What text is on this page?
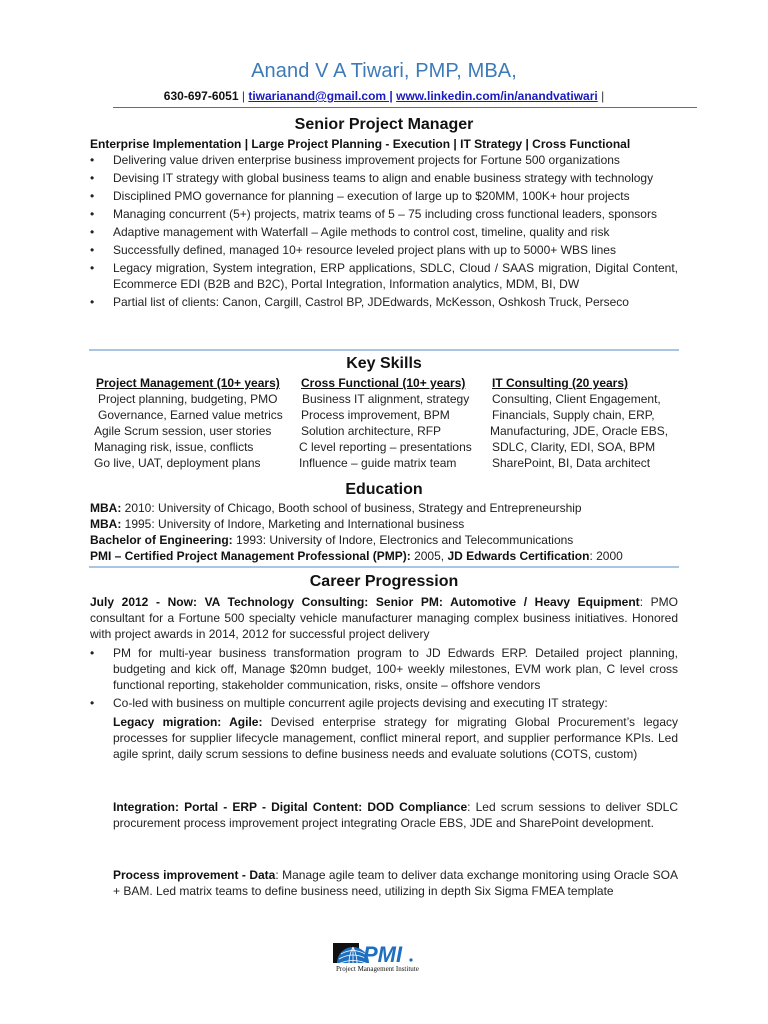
Anand V A Tiwari, PMP, MBA,
630-697-6051 | tiwarianand@gmail.com | www.linkedin.com/in/anandvatiwari |
Senior Project Manager
Enterprise Implementation | Large Project Planning - Execution | IT Strategy | Cross Functional
• Delivering value driven enterprise business improvement projects for Fortune 500 organizations
• Devising IT strategy with global business teams to align and enable business strategy with technology
• Disciplined PMO governance for planning – execution of large up to $20MM, 100K+ hour projects
• Managing concurrent (5+) projects, matrix teams of 5 – 75 including cross functional leaders, sponsors
• Adaptive management with Waterfall – Agile methods to control cost, timeline, quality and risk
• Successfully defined, managed 10+ resource leveled project plans with up to 5000+ WBS lines
• Legacy migration, System integration, ERP applications, SDLC, Cloud / SAAS migration, Digital Content, Ecommerce EDI (B2B and B2C), Portal Integration, Information analytics, MDM, BI, DW
• Partial list of clients: Canon, Cargill, Castrol BP, JDEdwards, McKesson, Oshkosh Truck, Perseco
Key Skills
Project Management (10+ years)
Project planning, budgeting, PMO
Governance, Earned value metrics
Agile Scrum session, user stories
Managing risk, issue, conflicts
Go live, UAT, deployment plans
Cross Functional (10+ years)
Business IT alignment, strategy
Process improvement, BPM
Solution architecture, RFP
C level reporting – presentations
Influence – guide matrix team
IT Consulting (20 years)
Consulting, Client Engagement,
Financials, Supply chain, ERP,
Manufacturing, JDE, Oracle EBS,
SDLC, Clarity, EDI, SOA, BPM
SharePoint, BI, Data architect
Education
MBA: 2010: University of Chicago, Booth school of business, Strategy and Entrepreneurship
MBA: 1995: University of Indore, Marketing and International business
Bachelor of Engineering: 1993: University of Indore, Electronics and Telecommunications
PMI – Certified Project Management Professional (PMP): 2005, JD Edwards Certification: 2000
Career Progression
July 2012 - Now: VA Technology Consulting: Senior PM: Automotive / Heavy Equipment: PMO consultant for a Fortune 500 specialty vehicle manufacturer managing complex business initiatives. Honored with project awards in 2014, 2012 for successful project delivery
• PM for multi-year business transformation program to JD Edwards ERP. Detailed project planning, budgeting and kick off, Manage $20mn budget, 100+ weekly milestones, EVM work plan, C level cross functional reporting, stakeholder communication, risks, onsite – offshore vendors
• Co-led with business on multiple concurrent agile projects devising and executing IT strategy:
Legacy migration: Agile: Devised enterprise strategy for migrating Global Procurement’s legacy processes for supplier lifecycle management, conflict mineral report, and supplier performance KPIs. Led agile sprint, daily scrum sessions to define business needs and evaluate solutions (COTS, custom)
Integration: Portal - ERP - Digital Content: DOD Compliance: Led scrum sessions to deliver SDLC procurement process improvement project integrating Oracle EBS, JDE and SharePoint development.
Process improvement - Data: Manage agile team to deliver data exchange monitoring using Oracle SOA + BAM. Led matrix teams to define business need, utilizing in depth Six Sigma FMEA template
PMI
Project Management Institute
